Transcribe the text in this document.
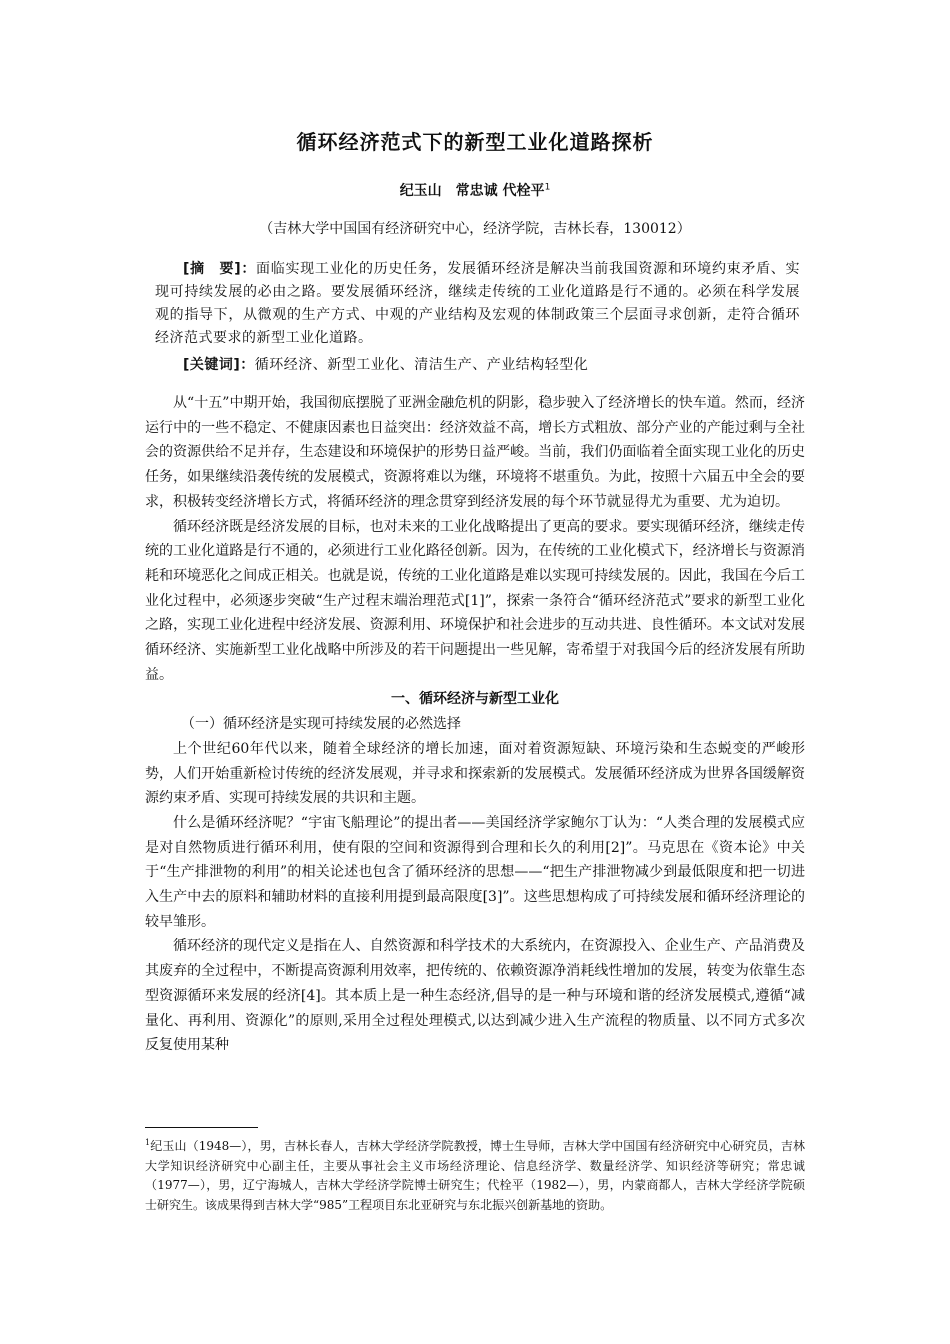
循环经济范式下的新型工业化道路探析
纪玉山　常忠诚 代栓平$^1$
（吉林大学中国国有经济研究中心，经济学院，吉林长春，130012）
[摘　要]：面临实现工业化的历史任务，发展循环经济是解决当前我国资源和环境约束矛盾、实现可持续发展的必由之路。要发展循环经济，继续走传统的工业化道路是行不通的。必须在科学发展观的指导下，从微观的生产方式、中观的产业结构及宏观的体制政策三个层面寻求创新，走符合循环经济范式要求的新型工业化道路。
[关键词]：循环经济、新型工业化、清洁生产、产业结构轻型化

从“十五”中期开始，我国彻底摆脱了亚洲金融危机的阴影，稳步驶入了经济增长的快车道。然而，经济运行中的一些不稳定、不健康因素也日益突出：经济效益不高，增长方式粗放、部分产业的产能过剩与全社会的资源供给不足并存，生态建设和环境保护的形势日益严峻。当前，我们仍面临着全面实现工业化的历史任务，如果继续沿袭传统的发展模式，资源将难以为继，环境将不堪重负。为此，按照十六届五中全会的要求，积极转变经济增长方式，将循环经济的理念贯穿到经济发展的每个环节就显得尤为重要、尤为迫切。

循环经济既是经济发展的目标，也对未来的工业化战略提出了更高的要求。要实现循环经济，继续走传统的工业化道路是行不通的，必须进行工业化路径创新。因为，在传统的工业化模式下，经济增长与资源消耗和环境恶化之间成正相关。也就是说，传统的工业化道路是难以实现可持续发展的。因此，我国在今后工业化过程中，必须逐步突破“生产过程末端治理范式[1]”，探索一条符合“循环经济范式”要求的新型工业化之路，实现工业化进程中经济发展、资源利用、环境保护和社会进步的互动共进、良性循环。本文试对发展循环经济、实施新型工业化战略中所涉及的若干问题提出一些见解，寄希望于对我国今后的经济发展有所助益。

一、循环经济与新型工业化
（一）循环经济是实现可持续发展的必然选择

上个世纪60年代以来，随着全球经济的增长加速，面对着资源短缺、环境污染和生态蜕变的严峻形势，人们开始重新检讨传统的经济发展观，并寻求和探索新的发展模式。发展循环经济成为世界各国缓解资源约束矛盾、实现可持续发展的共识和主题。

什么是循环经济呢？“宇宙飞船理论”的提出者——美国经济学家鲍尔丁认为：“人类合理的发展模式应是对自然物质进行循环利用，使有限的空间和资源得到合理和长久的利用[2]”。马克思在《资本论》中关于“生产排泄物的利用”的相关论述也包含了循环经济的思想——“把生产排泄物减少到最低限度和把一切进入生产中去的原料和辅助材料的直接利用提到最高限度[3]”。这些思想构成了可持续发展和循环经济理论的较早雏形。

循环经济的现代定义是指在人、自然资源和科学技术的大系统内，在资源投入、企业生产、产品消费及其废弃的全过程中，不断提高资源利用效率，把传统的、依赖资源净消耗线性增加的发展，转变为依靠生态型资源循环来发展的经济[4]。其本质上是一种生态经济,倡导的是一种与环境和谐的经济发展模式,遵循“减量化、再利用、资源化”的原则,采用全过程处理模式,以达到减少进入生产流程的物质量、以不同方式多次反复使用某种

$^1$纪玉山（1948—），男，吉林长春人，吉林大学经济学院教授，博士生导师，吉林大学中国国有经济研究中心研究员，吉林大学知识经济研究中心副主任，主要从事社会主义市场经济理论、信息经济学、数量经济学、知识经济等研究；常忠诚（1977—），男，辽宁海城人，吉林大学经济学院博士研究生；代栓平（1982—），男，内蒙商都人，吉林大学经济学院硕士研究生。该成果得到吉林大学“985”工程项目东北亚研究与东北振兴创新基地的资助。
